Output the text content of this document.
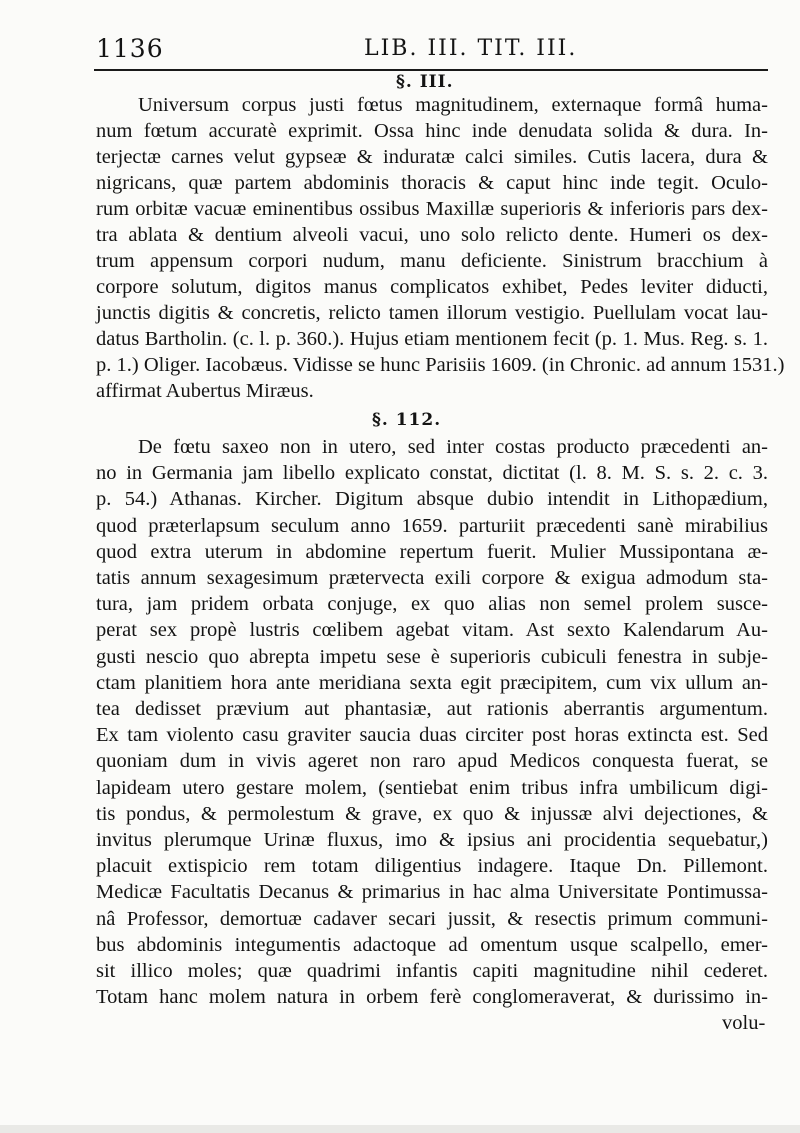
1136	LIB. III. TIT. III.
§. III.
Universum corpus justi fœtus magnitudinem, externaque formâ huma-
num fœtum accuratè exprimit. Ossa hinc inde denudata solida & dura. In-
terjectæ carnes velut gypseæ & induratæ calci similes. Cutis lacera, dura &
nigricans, quæ partem abdominis thoracis & caput hinc inde tegit. Oculo-
rum orbitæ vacuæ eminentibus ossibus Maxillæ superioris & inferioris pars dex-
tra ablata & dentium alveoli vacui, uno solo relicto dente. Humeri os dex-
trum appensum corpori nudum, manu deficiente. Sinistrum bracchium à
corpore solutum, digitos manus complicatos exhibet, Pedes leviter diducti,
junctis digitis & concretis, relicto tamen illorum vestigio. Puellulam vocat lau-
datus Bartholin. (c. l. p. 360.). Hujus etiam mentionem fecit (p. 1. Mus. Reg. s. 1.
p. 1.) Oliger. Iacobæus. Vidisse se hunc Parisiis 1609. (in Chronic. ad annum 1531.)
affirmat Aubertus Miræus.
§. 112.
De fœtu saxeo non in utero, sed inter costas producto præcedenti an-
no in Germania jam libello explicato constat, dictitat (l. 8. M. S. s. 2. c. 3.
p. 54.) Athanas. Kircher. Digitum absque dubio intendit in Lithopædium,
quod præterlapsum seculum anno 1659. parturiit præcedenti sanè mirabilius
quod extra uterum in abdomine repertum fuerit. Mulier Mussipontana æ-
tatis annum sexagesimum prætervecta exili corpore & exigua admodum sta-
tura, jam pridem orbata conjuge, ex quo alias non semel prolem susce-
perat sex propè lustris cœlibem agebat vitam. Ast sexto Kalendarum Au-
gusti nescio quo abrepta impetu sese è superioris cubiculi fenestra in subje-
ctam planitiem hora ante meridiana sexta egit præcipitem, cum vix ullum an-
tea dedisset prævium aut phantasiæ, aut rationis aberrantis argumentum.
Ex tam violento casu graviter saucia duas circiter post horas extincta est. Sed
quoniam dum in vivis ageret non raro apud Medicos conquesta fuerat, se
lapideam utero gestare molem, (sentiebat enim tribus infra umbilicum digi-
tis pondus, & permolestum & grave, ex quo & injussæ alvi dejectiones, &
invitus plerumque Urinæ fluxus, imo & ipsius ani procidentia sequebatur,)
placuit extispicio rem totam diligentius indagere. Itaque Dn. Pillemont.
Medicæ Facultatis Decanus & primarius in hac alma Universitate Pontimussa-
nâ Professor, demortuæ cadaver secari jussit, & resectis primum communi-
bus abdominis integumentis adactoque ad omentum usque scalpello, emer-
sit illico moles; quæ quadrimi infantis capiti magnitudine nihil cederet.
Totam hanc molem natura in orbem ferè conglomeraverat, & durissimo in-
volu-
